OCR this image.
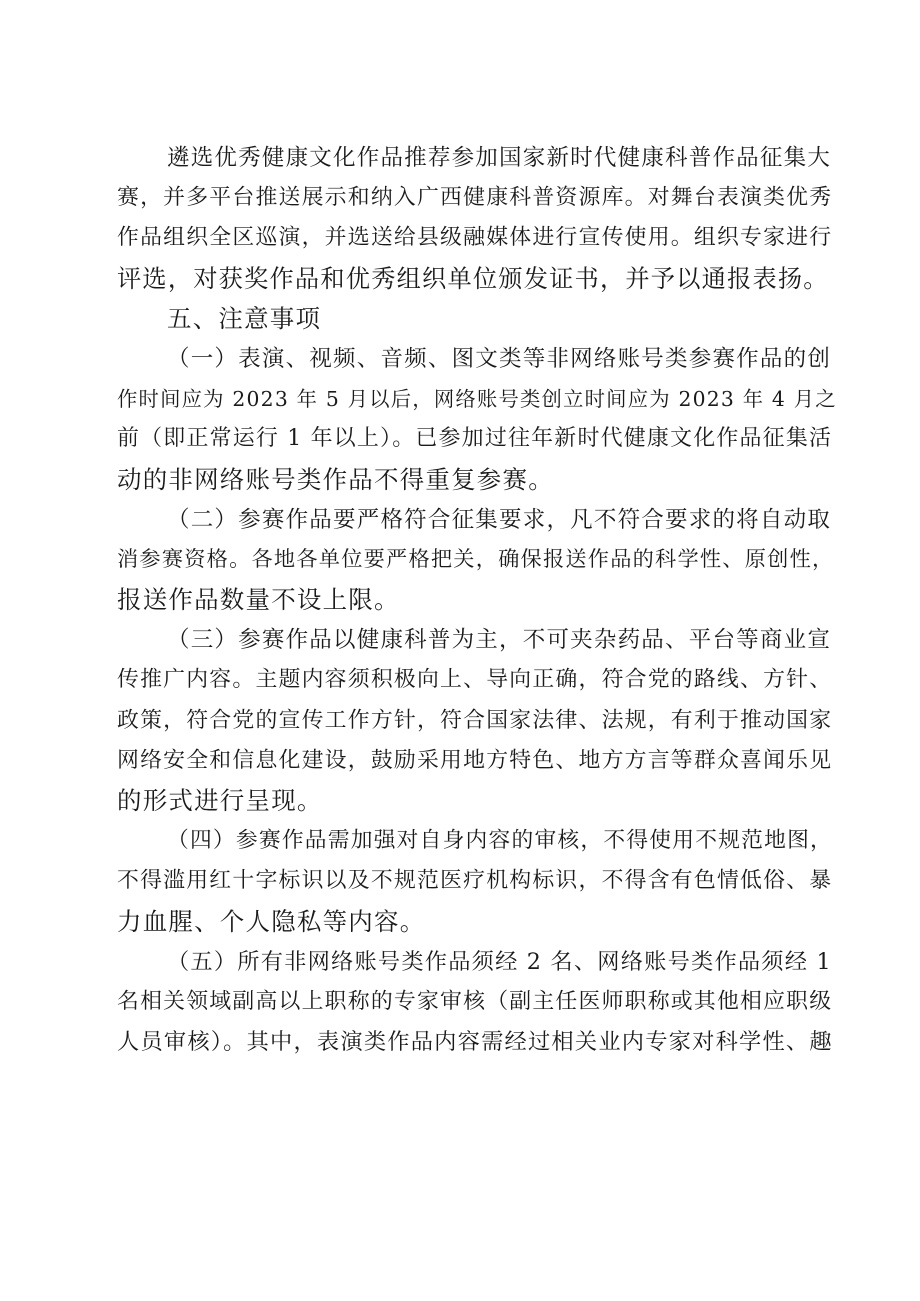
遴选优秀健康文化作品推荐参加国家新时代健康科普作品征集大
赛，并多平台推送展示和纳入广西健康科普资源库。对舞台表演类优秀
作品组织全区巡演，并选送给县级融媒体进行宣传使用。组织专家进行
评选，对获奖作品和优秀组织单位颁发证书，并予以通报表扬。
五、注意事项
（一）表演、视频、音频、图文类等非网络账号类参赛作品的创
作时间应为 2023 年 5 月以后，网络账号类创立时间应为 2023 年 4 月之
前（即正常运行 1 年以上）。已参加过往年新时代健康文化作品征集活
动的非网络账号类作品不得重复参赛。
（二）参赛作品要严格符合征集要求，凡不符合要求的将自动取
消参赛资格。各地各单位要严格把关，确保报送作品的科学性、原创性，
报送作品数量不设上限。
（三）参赛作品以健康科普为主，不可夹杂药品、平台等商业宣
传推广内容。主题内容须积极向上、导向正确，符合党的路线、方针、
政策，符合党的宣传工作方针，符合国家法律、法规，有利于推动国家
网络安全和信息化建设，鼓励采用地方特色、地方方言等群众喜闻乐见
的形式进行呈现。
（四）参赛作品需加强对自身内容的审核，不得使用不规范地图，
不得滥用红十字标识以及不规范医疗机构标识，不得含有色情低俗、暴
力血腥、个人隐私等内容。
（五）所有非网络账号类作品须经 2 名、网络账号类作品须经 1
名相关领域副高以上职称的专家审核（副主任医师职称或其他相应职级
人员审核）。其中，表演类作品内容需经过相关业内专家对科学性、趣
